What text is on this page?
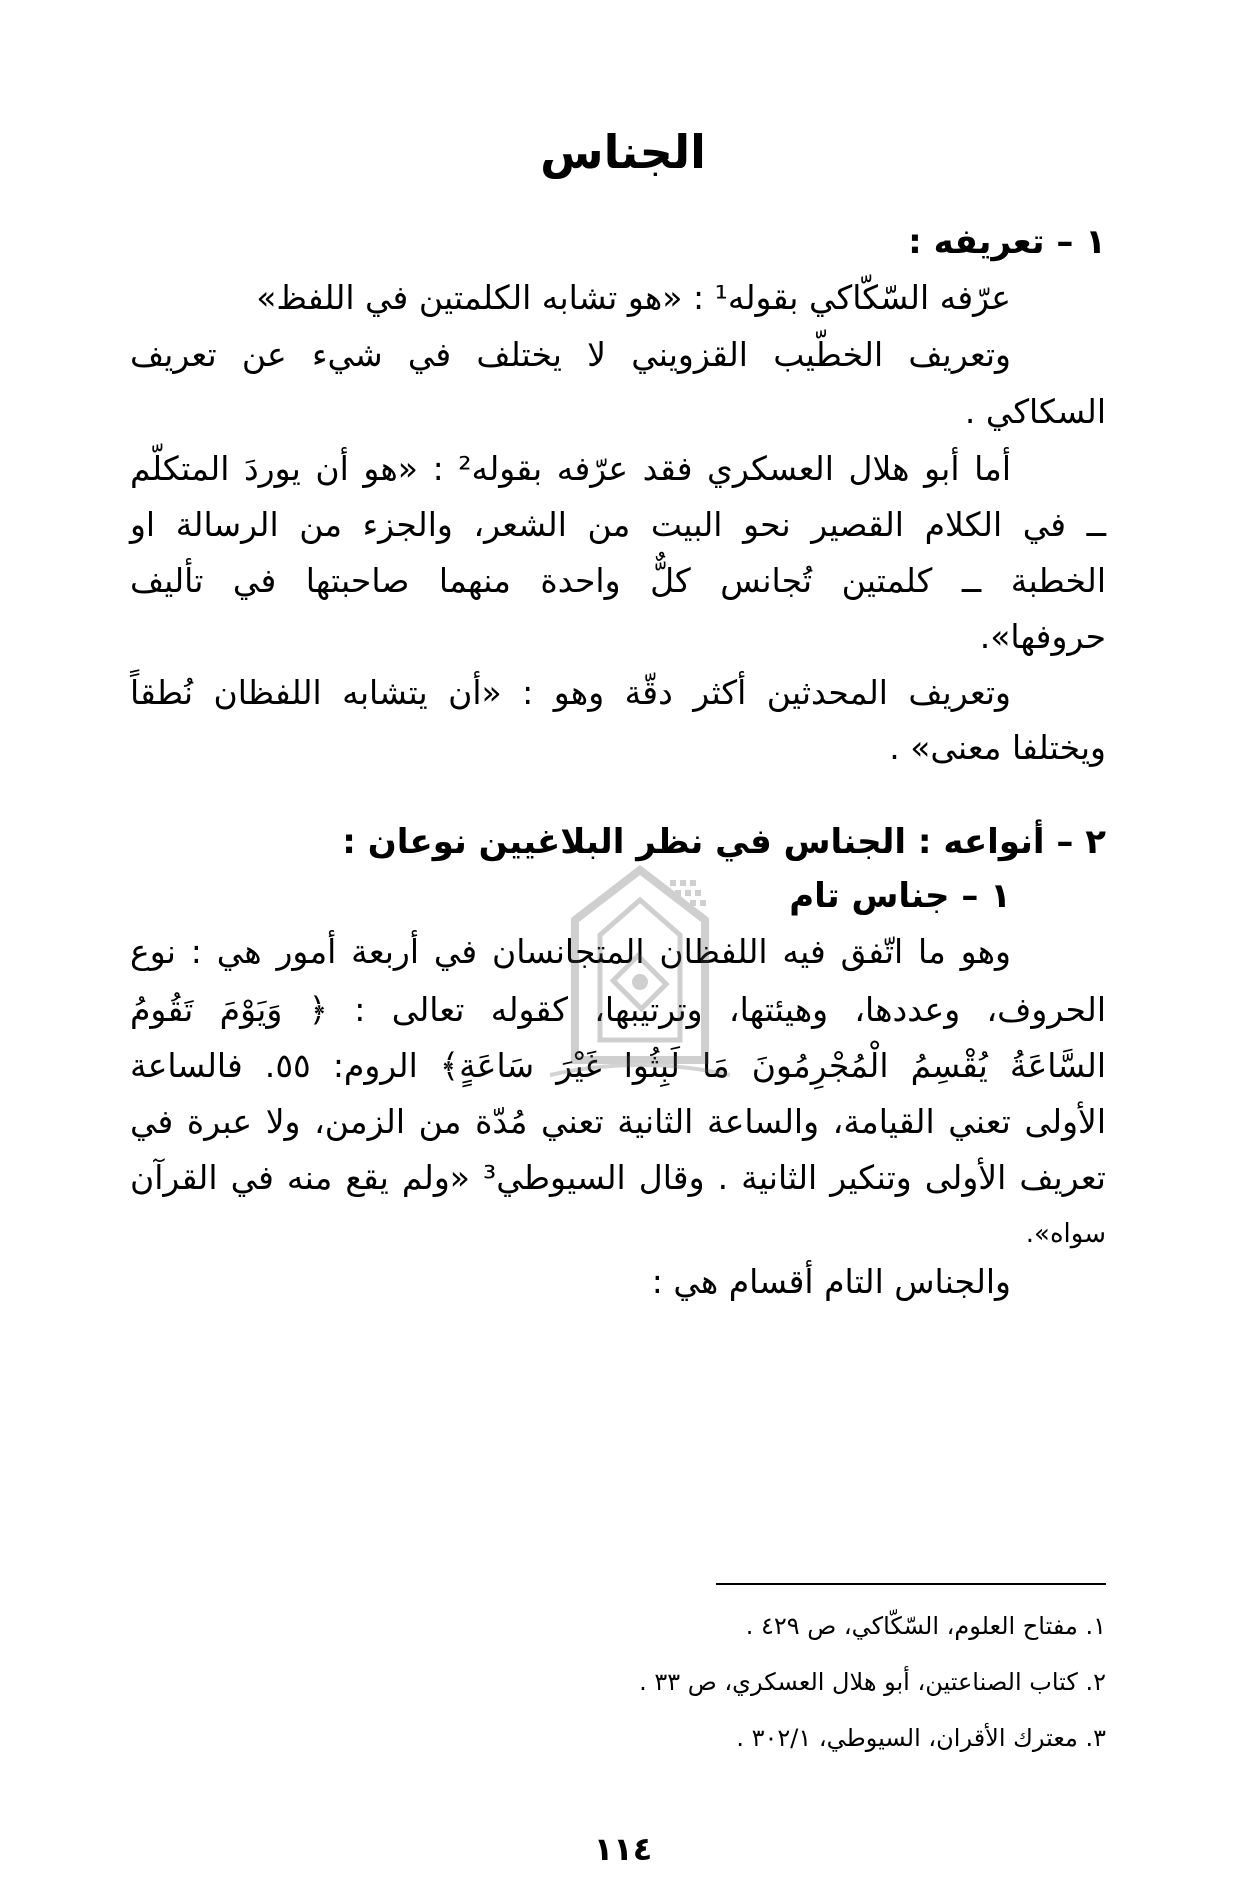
الجناس
١ – تعريفه :

عرّفه السّكّاكي بقوله¹ : «هو تشابه الكلمتين في اللفظ»

وتعريف الخطّيب القزويني لا يختلف في شيء عن تعريف

السكاكي .

أما أبو هلال العسكري فقد عرّفه بقوله² : «هو أن يوردَ المتكلّم

ــ في الكلام القصير نحو البيت من الشعر، والجزء من الرسالة او

الخطبة ــ كلمتين تُجانس كلٌّ واحدة منهما صاحبتها في تأليف

حروفها».

وتعريف المحدثين أكثر دقّة وهو : «أن يتشابه اللفظان نُطقاً

ويختلفا معنى» .

٢ – أنواعه : الجناس في نظر البلاغيين نوعان :
١ – جناس تام

وهو ما اتّفق فيه اللفظان المتجانسان في أربعة أمور هي : نوع

الحروف، وعددها، وهيئتها، وترتيبها، كقوله تعالى : ﴿ وَيَوْمَ تَقُومُ

السَّاعَةُ يُقْسِمُ الْمُجْرِمُونَ مَا لَبِثُوا غَيْرَ سَاعَةٍ﴾ الروم: ٥٥. فالساعة

الأولى تعني القيامة، والساعة الثانية تعني مُدّة من الزمن، ولا عبرة في

تعريف الأولى وتنكير الثانية . وقال السيوطي³ «ولم يقع منه في القرآن

سواه».

والجناس التام أقسام هي :

١. مفتاح العلوم، السّكّاكي، ص ٤٢٩ .

٢. كتاب الصناعتين، أبو هلال العسكري، ص ٣٣ .

٣. معترك الأقران، السيوطي، ٣٠٢/١ .

١١٤
